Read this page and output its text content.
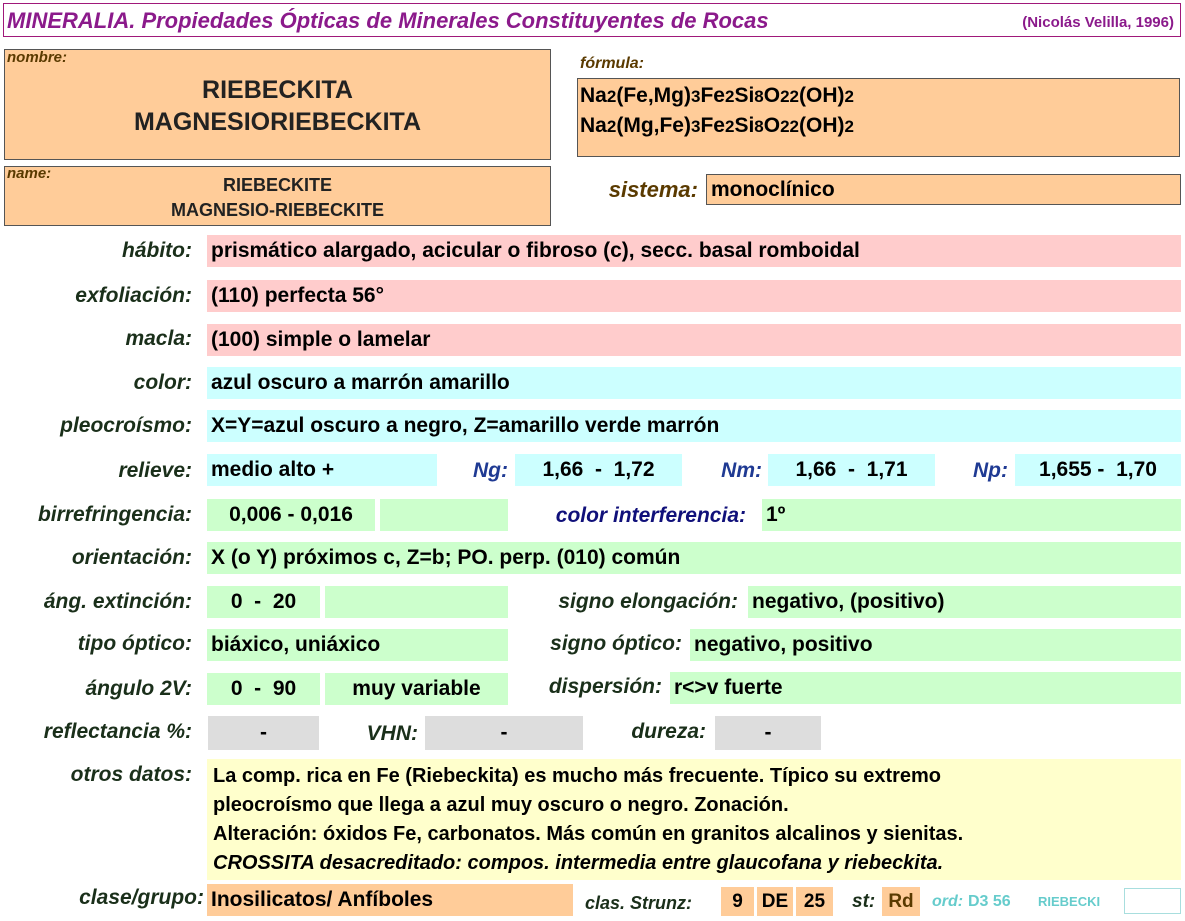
MINERALIA. Propiedades Ópticas de Minerales Constituyentes de Rocas	(Nicolás Velilla, 1996)
nombre:
RIEBECKITA
MAGNESIORIEBECKITA
name:
RIEBECKITE
MAGNESIO-RIEBECKITE
fórmula:
Na2(Fe,Mg)3Fe2Si8O22(OH)2
Na2(Mg,Fe)3Fe2Si8O22(OH)2
sistema: monoclínico
hábito: prismático alargado, acicular o fibroso (c), secc. basal romboidal
exfoliación: (110) perfecta 56°
macla: (100) simple o lamelar
color: azul oscuro a marrón amarillo
pleocroísmo: X=Y=azul oscuro a negro, Z=amarillo verde marrón
relieve: medio alto +	Ng:	1,66  -  1,72	Nm:	1,66  -  1,71	Np:	1,655 -  1,70
birrefringencia:	0,006 - 0,016	color interferencia: 1º
orientación: X (o Y) próximos c, Z=b; PO. perp. (010) común
áng. extinción:	0  -  20	signo elongación: negativo, (positivo)
tipo óptico: biáxico, uniáxico	signo óptico: negativo, positivo
ángulo 2V:	0  -  90	muy variable	dispersión: r<>v fuerte
reflectancia %:	-	VHN:	-	dureza:	-
otros datos: La comp. rica en Fe (Riebeckita) es mucho más frecuente. Típico su extremo
pleocroísmo que llega a azul muy oscuro o negro. Zonación.
Alteración: óxidos Fe, carbonatos. Más común en granitos alcalinos y sienitas.
CROSSITA desacreditado: compos. intermedia entre glaucofana y riebeckita.
clase/grupo: Inosilicatos/ Anfíboles	clas. Strunz:	9	DE 25	st: Rd	ord: D3 56 RIEBECKI
